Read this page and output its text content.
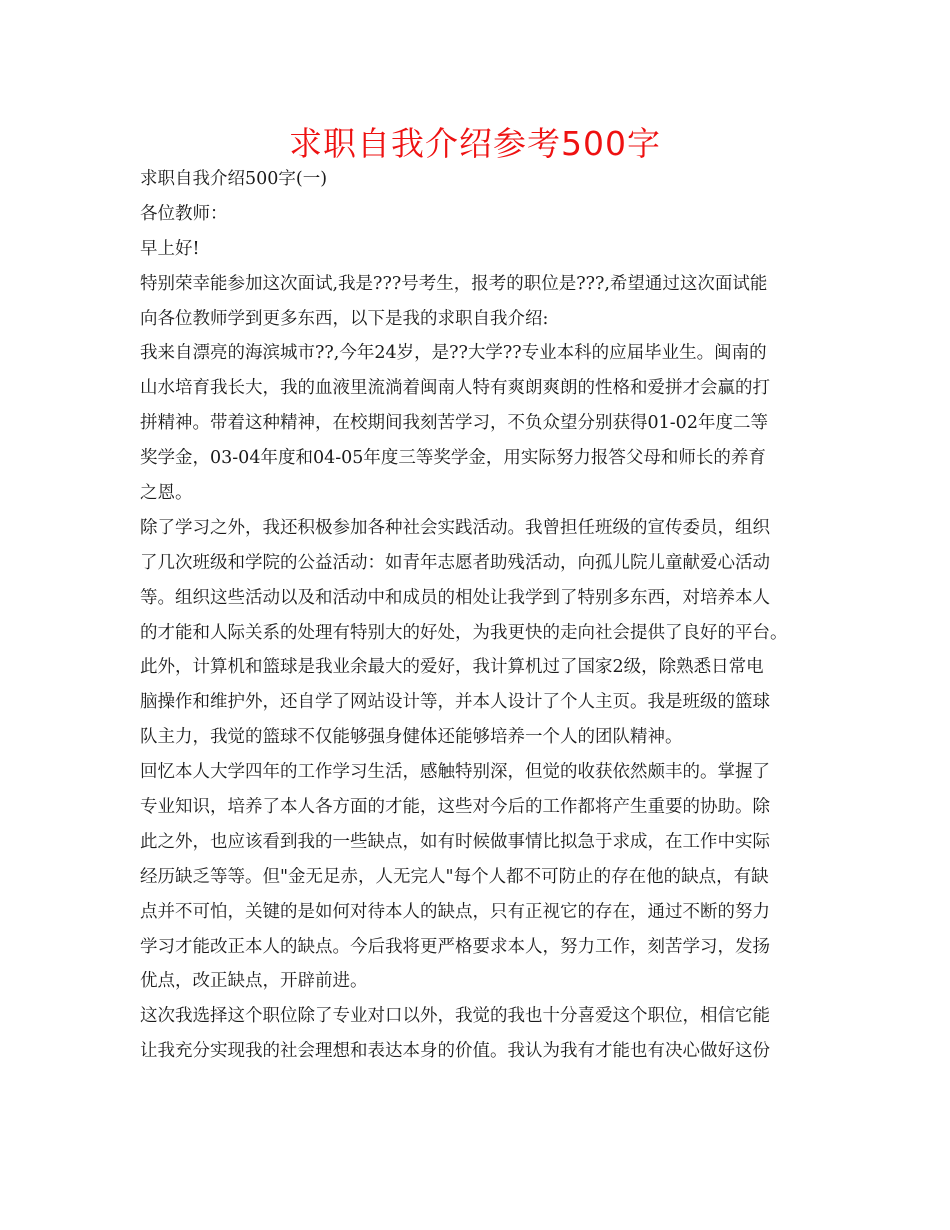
求职自我介绍参考500字
求职自我介绍500字(一)
各位教师：
早上好!
特别荣幸能参加这次面试,我是???号考生，报考的职位是???,希望通过这次面试能
向各位教师学到更多东西，以下是我的求职自我介绍:
我来自漂亮的海滨城市??,今年24岁，是??大学??专业本科的应届毕业生。闽南的
山水培育我长大，我的血液里流淌着闽南人特有爽朗爽朗的性格和爱拼才会赢的打
拼精神。带着这种精神，在校期间我刻苦学习，不负众望分别获得01-02年度二等
奖学金，03-04年度和04-05年度三等奖学金，用实际努力报答父母和师长的养育
之恩。
除了学习之外，我还积极参加各种社会实践活动。我曾担任班级的宣传委员，组织
了几次班级和学院的公益活动：如青年志愿者助残活动，向孤儿院儿童献爱心活动
等。组织这些活动以及和活动中和成员的相处让我学到了特别多东西，对培养本人
的才能和人际关系的处理有特别大的好处，为我更快的走向社会提供了良好的平台。
此外，计算机和篮球是我业余最大的爱好，我计算机过了国家2级，除熟悉日常电
脑操作和维护外，还自学了网站设计等，并本人设计了个人主页。我是班级的篮球
队主力，我觉的篮球不仅能够强身健体还能够培养一个人的团队精神。
回忆本人大学四年的工作学习生活，感触特别深，但觉的收获依然颇丰的。掌握了
专业知识，培养了本人各方面的才能，这些对今后的工作都将产生重要的协助。除
此之外，也应该看到我的一些缺点，如有时候做事情比拟急于求成，在工作中实际
经历缺乏等等。但"金无足赤，人无完人"每个人都不可防止的存在他的缺点，有缺
点并不可怕，关键的是如何对待本人的缺点，只有正视它的存在，通过不断的努力
学习才能改正本人的缺点。今后我将更严格要求本人，努力工作，刻苦学习，发扬
优点，改正缺点，开辟前进。
这次我选择这个职位除了专业对口以外，我觉的我也十分喜爱这个职位，相信它能
让我充分实现我的社会理想和表达本身的价值。我认为我有才能也有决心做好这份
